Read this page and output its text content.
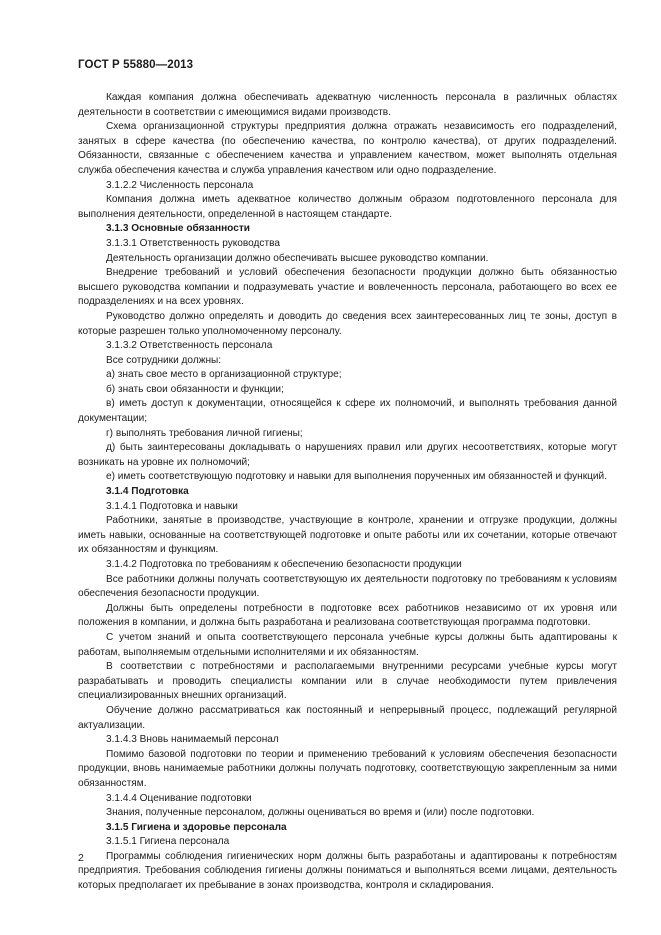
ГОСТ Р 55880—2013
Каждая компания должна обеспечивать адекватную численность персонала в различных областях деятельности в соответствии с имеющимися видами производств.
Схема организационной структуры предприятия должна отражать независимость его подразделений, занятых в сфере качества (по обеспечению качества, по контролю качества), от других подразделений. Обязанности, связанные с обеспечением качества и управлением качеством, может выполнять отдельная служба обеспечения качества и служба управления качеством или одно подразделение.
3.1.2.2 Численность персонала
Компания должна иметь адекватное количество должным образом подготовленного персонала для выполнения деятельности, определенной в настоящем стандарте.
3.1.3 Основные обязанности
3.1.3.1 Ответственность руководства
Деятельность организации должно обеспечивать высшее руководство компании.
Внедрение требований и условий обеспечения безопасности продукции должно быть обязанностью высшего руководства компании и подразумевать участие и вовлеченность персонала, работающего во всех ее подразделениях и на всех уровнях.
Руководство должно определять и доводить до сведения всех заинтересованных лиц те зоны, доступ в которые разрешен только уполномоченному персоналу.
3.1.3.2 Ответственность персонала
Все сотрудники должны:
а) знать свое место в организационной структуре;
б) знать свои обязанности и функции;
в) иметь доступ к документации, относящейся к сфере их полномочий, и выполнять требования данной документации;
г) выполнять требования личной гигиены;
д) быть заинтересованы докладывать о нарушениях правил или других несоответствиях, которые могут возникать на уровне их полномочий;
е) иметь соответствующую подготовку и навыки для выполнения порученных им обязанностей и функций.
3.1.4 Подготовка
3.1.4.1 Подготовка и навыки
Работники, занятые в производстве, участвующие в контроле, хранении и отгрузке продукции, должны иметь навыки, основанные на соответствующей подготовке и опыте работы или их сочетании, которые отвечают их обязанностям и функциям.
3.1.4.2 Подготовка по требованиям к обеспечению безопасности продукции
Все работники должны получать соответствующую их деятельности подготовку по требованиям к условиям обеспечения безопасности продукции.
Должны быть определены потребности в подготовке всех работников независимо от их уровня или положения в компании, и должна быть разработана и реализована соответствующая программа подготовки.
С учетом знаний и опыта соответствующего персонала учебные курсы должны быть адаптированы к работам, выполняемым отдельными исполнителями и их обязанностям.
В соответствии с потребностями и располагаемыми внутренними ресурсами учебные курсы могут разрабатывать и проводить специалисты компании или в случае необходимости путем привлечения специализированных внешних организаций.
Обучение должно рассматриваться как постоянный и непрерывный процесс, подлежащий регулярной актуализации.
3.1.4.3 Вновь нанимаемый персонал
Помимо базовой подготовки по теории и применению требований к условиям обеспечения безопасности продукции, вновь нанимаемые работники должны получать подготовку, соответствующую закрепленным за ними обязанностям.
3.1.4.4 Оценивание подготовки
Знания, полученные персоналом, должны оцениваться во время и (или) после подготовки.
3.1.5 Гигиена и здоровье персонала
3.1.5.1 Гигиена персонала
Программы соблюдения гигиенических норм должны быть разработаны и адаптированы к потребностям предприятия. Требования соблюдения гигиены должны пониматься и выполняться всеми лицами, деятельность которых предполагает их пребывание в зонах производства, контроля и складирования.
2
